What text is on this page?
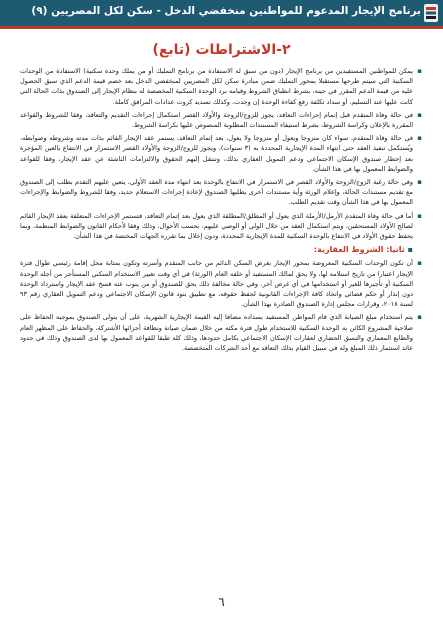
برنامج الإيجار المدعوم للمواطنين منخفضي الدخل - سكن لكل المصريين (٩)
٢-الاشتراطات (تابع)

▪
يمكن للمواطنين المستفيدين من برنامج الإيجار (دون من سبق له الاستفادة من برنامج التمليك أو من يملك وحدة سكنية) الاستفادة من الوحدات السكنية التي سيتم طرحها مستقبلا بمحور التمليك ضمن مبادرة سكن لكل المصريين لمنخفضي الدخل بعد خصم قيمة الدعم الذي سبق الحصول عليه من قيمة الدعم المقرر في حينه، بشرط انطباق الشروط وقيامه برد الوحدة السكنية المخصصة له بنظام الإيجار إلى الصندوق بذات الحالة التي كانت عليها عند التسليم، أو سداد تكلفة رفع كفاءة الوحدة إن وجدت، وكذلك تسديد كروت عدادات المرافق كاملة.

▪
في حالة وفاة المتقدم قبل إتمام إجراءات التعاقد، يجوز للزوج/الزوجة والأولاد القصر استكمال إجراءات التقديم والتعاقد، وفقا للشروط والقواعد المقررة بالإعلان وكراسة الشروط، بشرط استيفاء المستندات المطلوبة المنصوص عليها بكراسة الشروط.

▪
في حالة وفاة المتقدم، سواء كان متزوجا ويعول أو متزوجا ولا يعول، بعد إتمام التعاقد، يستمر عقد الإيجار القائم بذات مدته وشروطه وضوابطه، ويُستكمل تنفيذ العقد حتى انتهاء المدة الإيجارية المحددة به (٣ سنوات)، ويجوز للزوج/الزوجة والأولاد القصر الاستمرار في الانتفاع بالعين المؤجرة بعد إخطار صندوق الإسكان الاجتماعي ودعم التمويل العقاري بذلك، وتنتقل إليهم الحقوق والالتزامات الناشئة عن عقد الإيجار، وفقا للقواعد والضوابط المعمول بها في هذا الشأن.

▪
وفي حالة رغبة الزوج/الزوجة والأولاد القصر في الاستمرار في الانتفاع بالوحدة بعد انتهاء مدة العقد الأولى، يتعين عليهم التقدم بطلب إلى الصندوق مع تقديم مستندات الحالة، وإعلام الورثة وأية مستندات أخرى يطلبها الصندوق لإعادة إجراءات الاستعلام حديد، وفقا للشروط والضوابط والإجراءات المعمول بها في هذا الشأن وقت تقديم الطلب.

▪
أما في حالة وفاة المتقدم الأرمل/الأرملة الذي يعول أو المطلق/المطلقة الذي يعول بعد إتمام التعاقد، فتستمر الإجراءات المتعلقة بعقد الإيجار القائم لصالح الأولاد المستحقين، ويتم استكمال العقد من خلال الولي أو الوصي عليهم، بحسب الأحوال، وذلك وفقا لأحكام القانون والضوابط المنظمة، وبما يحفظ حقوق الأولاد في الانتفاع بالوحدة السكنية للمدة الإيجارية المحددة، ودون إخلال بما تقرره الجهات المختصة في هذا الشأن.

▪ ثانيا: الشروط العقارية:

▪
أن تكون الوحدات السكنية المعروضة بمحور الإيجار بغرض السكن الدائم من جانب المتقدم وأسرته وتكون بمثابة محل إقامة رئيسي طوال فترة الإيجار اعتبارا من تاريخ استلامه لها، ولا يحق لمالك المستفيد أو خلفه العام (الورثة) في أي وقت تغيير الاستخدام السكني المستأجر من أجله الوحدة السكنية أو تأجيرها للغير أو استخدامها في أي غرض آخر، وفي حالة مخالفة ذلك يحق للصندوق أو من ينوب عنه فسخ عقد الإيجار واسترداد الوحدة دون إنذار أو حكم قضائي واتخاذ كافة الإجراءات القانونية لحفظ حقوقه، مع تطبيق بنود قانون الإسكان الاجتماعي ودعم التمويل العقاري رقم ٩٣ لسنة ٢٠١٨، وقرارات مجلس إدارة الصندوق الصادرة بهذا الشأن.

▪
يتم استخدام مبلغ الصيانة الذي قام المواطن المستفيد بسداده مضافا إليه القيمة الإيجارية الشهرية، على أن يتولى الصندوق بموجبه الحفاظ على صلاحية المشروع الكائن به الوحدة السكنية للاستخدام طول فترة مكثه من خلال ضمان صيانة ونظافة أجزائها الأشتركة، والحفاظ على المظهر العام والطابع المعماري والنسق الحضاري لعقارات الإسكان الاجتماعي بكامل حدودها، وذلك كله طبقا للقواعد المعمول بها لدى الصندوق وذلك في حدود عائد استثمار ذلك المبلغ وله في سبيل القيام بذلك التعاقد مع أحد الشركات المتخصصة.

٦
